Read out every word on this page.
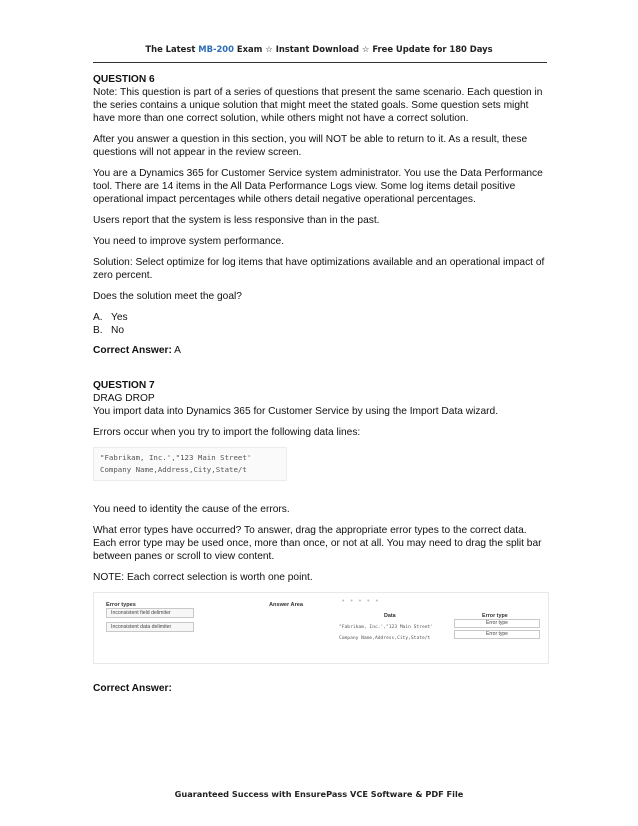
The Latest MB-200 Exam ☆ Instant Download ☆ Free Update for 180 Days
QUESTION 6

Note: This question is part of a series of questions that present the same scenario. Each question in the series contains a unique solution that might meet the stated goals. Some question sets might have more than one correct solution, while others might not have a correct solution.

After you answer a question in this section, you will NOT be able to return to it. As a result, these questions will not appear in the review screen.

You are a Dynamics 365 for Customer Service system administrator. You use the Data Performance tool. There are 14 items in the All Data Performance Logs view. Some log items detail positive operational impact percentages while others detail negative operational percentages.

Users report that the system is less responsive than in the past.

You need to improve system performance.

Solution: Select optimize for log items that have optimizations available and an operational impact of zero percent.

Does the solution meet the goal?

A. Yes
B. No

Correct Answer: A

QUESTION 7
DRAG DROP

You import data into Dynamics 365 for Customer Service by using the Import Data wizard.

Errors occur when you try to import the following data lines:

"Fabrikam, Inc.',"123 Main Street'
Company Name,Address,City,State/t

You need to identity the cause of the errors.

What error types have occurred? To answer, drag the appropriate error types to the correct data. Each error type may be used once, more than once, or not at all. You may need to drag the split bar between panes or scroll to view content.

NOTE: Each correct selection is worth one point.

Error types
Inconsistent field delimiter
Inconsistent data delimiter
Answer Area	• • • • •
Data	Error type
"Fabrikam, Inc.',"123 Main Street'
Error type
Company Name,Address,City,State/t
Error type

Correct Answer:

Guaranteed Success with EnsurePass VCE Software & PDF File
